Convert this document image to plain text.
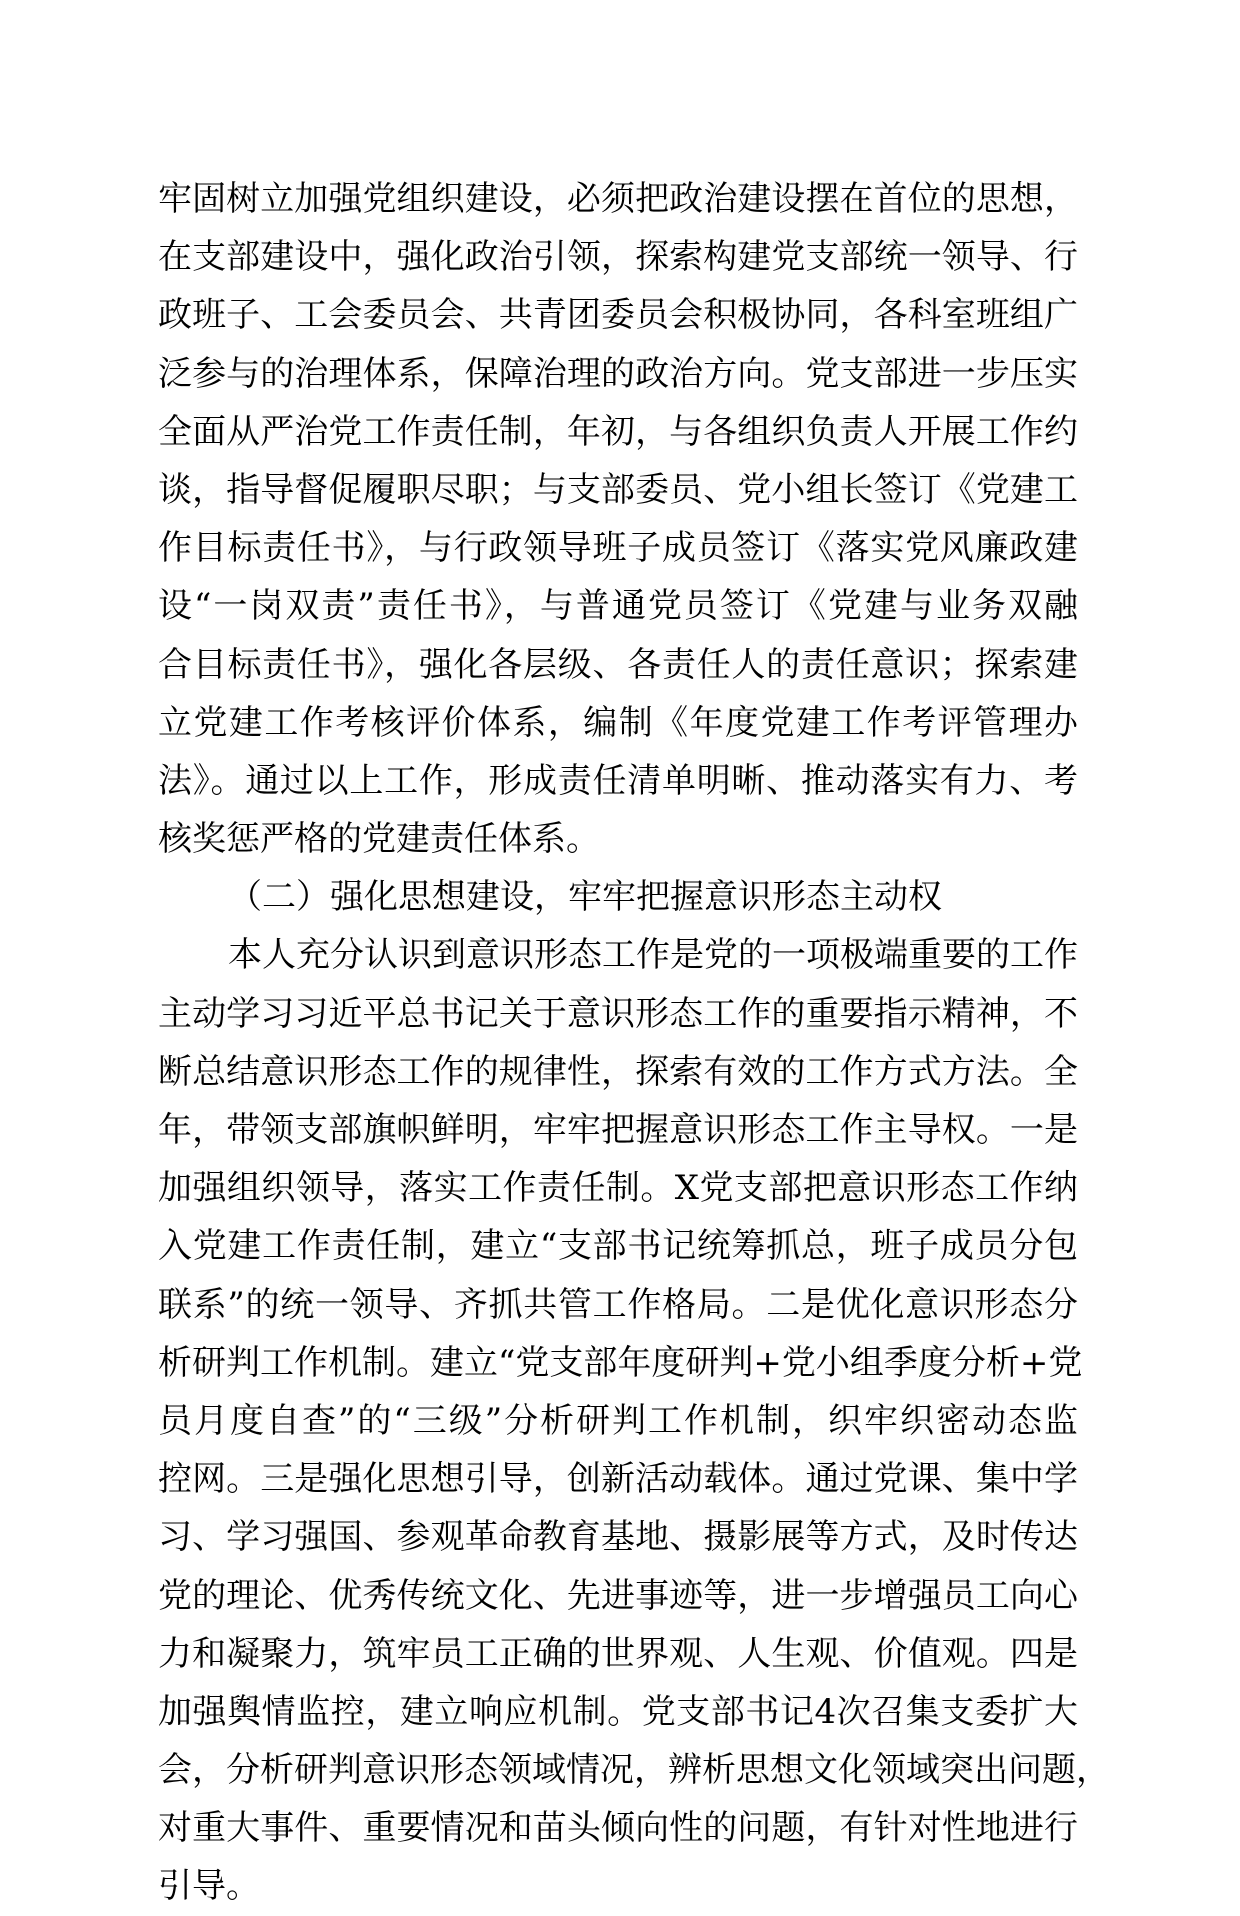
牢固树立加强党组织建设，必须把政治建设摆在首位的思想，
在支部建设中，强化政治引领，探索构建党支部统一领导、行
政班子、工会委员会、共青团委员会积极协同，各科室班组广
泛参与的治理体系，保障治理的政治方向。党支部进一步压实
全面从严治党工作责任制，年初，与各组织负责人开展工作约
谈，指导督促履职尽职；与支部委员、党小组长签订《党建工
作目标责任书》，与行政领导班子成员签订《落实党风廉政建
设“一岗双责”责任书》，与普通党员签订《党建与业务双融
合目标责任书》，强化各层级、各责任人的责任意识；探索建
立党建工作考核评价体系，编制《年度党建工作考评管理办
法》。通过以上工作，形成责任清单明晰、推动落实有力、考
核奖惩严格的党建责任体系。
（二）强化思想建设，牢牢把握意识形态主动权
本人充分认识到意识形态工作是党的一项极端重要的工作
主动学习习近平总书记关于意识形态工作的重要指示精神，不
断总结意识形态工作的规律性，探索有效的工作方式方法。全
年，带领支部旗帜鲜明，牢牢把握意识形态工作主导权。一是
加强组织领导，落实工作责任制。X党支部把意识形态工作纳
入党建工作责任制，建立“支部书记统筹抓总，班子成员分包
联系”的统一领导、齐抓共管工作格局。二是优化意识形态分
析研判工作机制。建立“党支部年度研判+党小组季度分析+党
员月度自查”的“三级”分析研判工作机制，织牢织密动态监
控网。三是强化思想引导，创新活动载体。通过党课、集中学
习、学习强国、参观革命教育基地、摄影展等方式，及时传达
党的理论、优秀传统文化、先进事迹等，进一步增强员工向心
力和凝聚力，筑牢员工正确的世界观、人生观、价值观。四是
加强舆情监控，建立响应机制。党支部书记4次召集支委扩大
会，分析研判意识形态领域情况，辨析思想文化领域突出问题，
对重大事件、重要情况和苗头倾向性的问题，有针对性地进行
引导。
